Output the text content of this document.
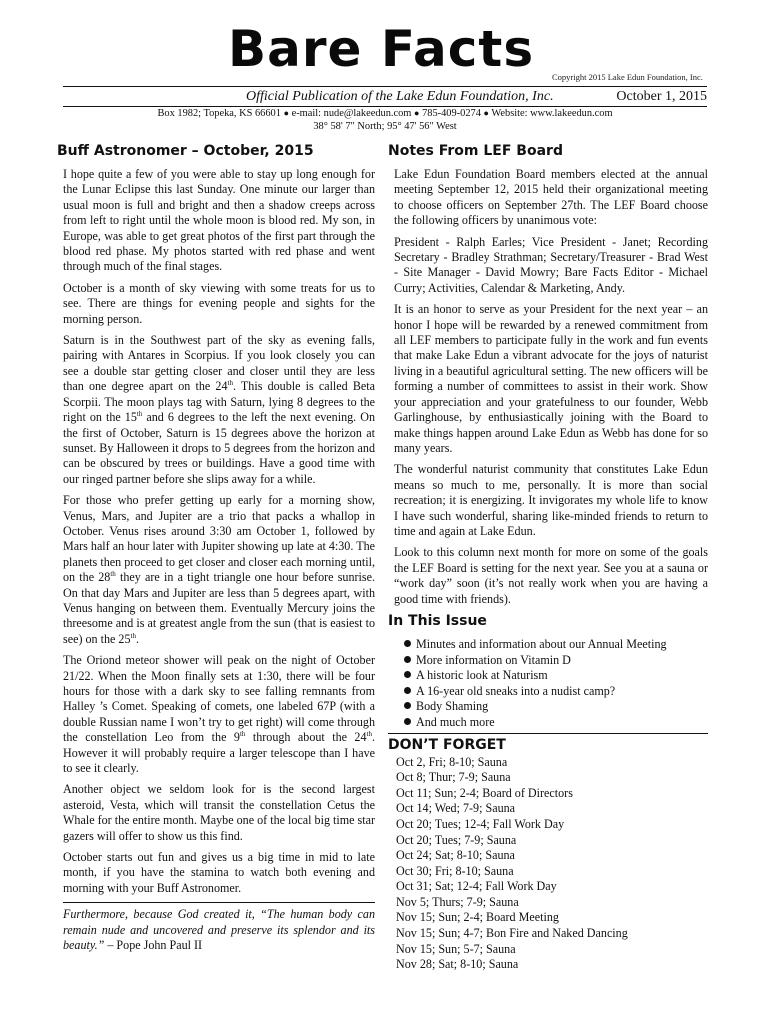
Bare Facts Copyright 2015 Lake Edun Foundation, Inc.
Official Publication of the Lake Edun Foundation, Inc.	October 1, 2015
Box 1982; Topeka, KS 66601 ● e-mail: nude@lakeedun.com ● 785-409-0274 ● Website: www.lakeedun.com
38° 58' 7" North; 95° 47' 56" West
Buff Astronomer – October, 2015

I hope quite a few of you were able to stay up long enough for the Lunar Eclipse this last Sunday. One minute our larger than usual moon is full and bright and then a shadow creeps across from left to right until the whole moon is blood red. My son, in Europe, was able to get great photos of the first part through the blood red phase. My photos started with red phase and went through much of the final stages.

October is a month of sky viewing with some treats for us to see. There are things for evening people and sights for the morning person.

Saturn is in the Southwest part of the sky as evening falls, pairing with Antares in Scorpius. If you look closely you can see a double star getting closer and closer until they are less than one degree apart on the 24th. This double is called Beta Scorpii. The moon plays tag with Saturn, lying 8 degrees to the right on the 15th and 6 degrees to the left the next evening. On the first of October, Saturn is 15 degrees above the horizon at sunset. By Halloween it drops to 5 degrees from the horizon and can be obscured by trees or buildings. Have a good time with our ringed partner before she slips away for a while.

For those who prefer getting up early for a morning show, Venus, Mars, and Jupiter are a trio that packs a whallop in October. Venus rises around 3:30 am October 1, followed by Mars half an hour later with Jupiter showing up late at 4:30. The planets then proceed to get closer and closer each morning until, on the 28th they are in a tight triangle one hour before sunrise. On that day Mars and Jupiter are less than 5 degrees apart, with Venus hanging on between them. Eventually Mercury joins the threesome and is at greatest angle from the sun (that is easiest to see) on the 25th.

The Oriond meteor shower will peak on the night of October 21/22. When the Moon finally sets at 1:30, there will be four hours for those with a dark sky to see falling remnants from Halley ’s Comet. Speaking of comets, one labeled 67P (with a double Russian name I won’t try to get right) will come through the constellation Leo from the 9th through about the 24th. However it will probably require a larger telescope than I have to see it clearly.

Another object we seldom look for is the second largest asteroid, Vesta, which will transit the constellation Cetus the Whale for the entire month. Maybe one of the local big time star gazers will offer to show us this find.

October starts out fun and gives us a big time in mid to late month, if you have the stamina to watch both evening and morning with your Buff Astronomer.

Furthermore, because God created it, “The human body can remain nude and uncovered and preserve its splendor and its beauty.” – Pope John Paul II

Notes From LEF Board

Lake Edun Foundation Board members elected at the annual meeting September 12, 2015 held their organizational meeting to choose officers on September 27th. The LEF Board choose the following officers by unanimous vote:

President - Ralph Earles; Vice President - Janet; Recording Secretary - Bradley Strathman; Secretary/Treasurer - Brad West - Site Manager - David Mowry; Bare Facts Editor - Michael Curry; Activities, Calendar & Marketing, Andy.

It is an honor to serve as your President for the next year – an honor I hope will be rewarded by a renewed commitment from all LEF members to participate fully in the work and fun events that make Lake Edun a vibrant advocate for the joys of naturist living in a beautiful agricultural setting. The new officers will be forming a number of committees to assist in their work. Show your appreciation and your gratefulness to our founder, Webb Garlinghouse, by enthusiastically joining with the Board to make things happen around Lake Edun as Webb has done for so many years.

The wonderful naturist community that constitutes Lake Edun means so much to me, personally. It is more than social recreation; it is energizing. It invigorates my whole life to know I have such wonderful, sharing like-minded friends to return to time and again at Lake Edun.

Look to this column next month for more on some of the goals the LEF Board is setting for the next year. See you at a sauna or “work day” soon (it’s not really work when you are having a good time with friends).

In This Issue
Minutes and information about our Annual Meeting
More information on Vitamin D
A historic look at Naturism
A 16-year old sneaks into a nudist camp?
Body Shaming
And much more
DON’T FORGET
Oct 2, Fri; 8-10; Sauna
Oct 8; Thur; 7-9; Sauna
Oct 11; Sun; 2-4; Board of Directors
Oct 14; Wed; 7-9; Sauna
Oct 20; Tues; 12-4; Fall Work Day
Oct 20; Tues; 7-9; Sauna
Oct 24; Sat; 8-10; Sauna
Oct 30; Fri; 8-10; Sauna
Oct 31; Sat; 12-4; Fall Work Day
Nov 5; Thurs; 7-9; Sauna
Nov 15; Sun; 2-4; Board Meeting
Nov 15; Sun; 4-7; Bon Fire and Naked Dancing
Nov 15; Sun; 5-7; Sauna
Nov 28; Sat; 8-10; Sauna
